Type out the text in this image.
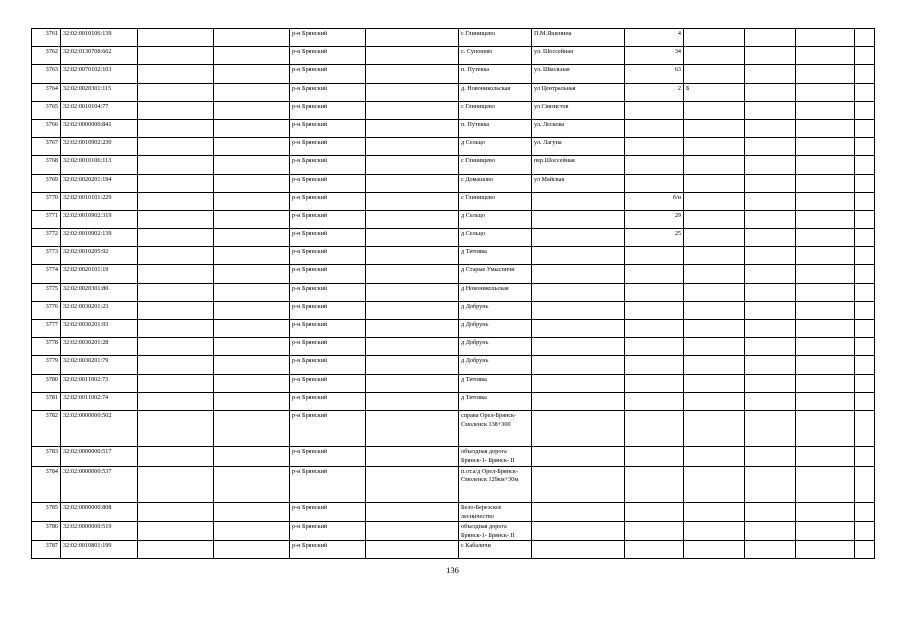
3761	32:02:0010106:139			р-н Брянский		с Глинищево	П.М.Яшенина	4				
3762	32:02:0130708:662			р-н Брянский		с. Супонево	ул. Шоссейная	34				
3763	32:02:0070102:103			р-н Брянский		п. Путевка	ул. Школьная	63				
3764	32:02:0020301:115			р-н Брянский		д. Новоникольская	ул Центральная	2	Б			
3765	32:02:0010104:77			р-н Брянский		с Глинищево	ул Связистов					
3766	32:02:0000000:841			р-н Брянский		п. Путевка	ул. Лескова					
3767	32:02:0010902:230			р-н Брянский		д Сельцо	ул. Лагуна					
3768	32:02:0010106:113			р-н Брянский		с Глинищево	пер.Шоссейная					
3769	32:02:0020201:194			р-н Брянский		с Домашово	ул Майская					
3770	32:02:0010101:229			р-н Брянский		с Глинищево		б/н				
3771	32:02:0010902:319			р-н Брянский		д Сельцо		29				
3772	32:02:0010902:139			р-н Брянский		д Сельцо		25				
3773	32:02:0010205:92			р-н Брянский		д Титовка						
3774	32:02:0020101:19			р-н Брянский		д Старые Умыспичи						
3775	32:02:0020301:80			р-н Брянский		д Новоникольская						
3776	32:02:0030201:23			р-н Брянский		д Добрунь						
3777	32:02:0030201:93			р-н Брянский		д Добрунь						
3778	32:02:0030201:28			р-н Брянский		д Добрунь						
3779	32:02:0030201:79			р-н Брянский		д Добрунь						
3780	32:02:0011002:73			р-н Брянский		д Титовка						
3781	32:02:0011002:74			р-н Брянский		д Титовка						
3782	32:02:0000000:502			р-н Брянский		справа Орел-Брянск-Смоленск 138+300						
3783	32:02:0000000:517			р-н Брянский		объездная дорога Брянск-1- Брянск- II						
3784	32:02:0000000:537			р-н Брянский		п.от.а/д Орел-Брянск-Смоленск 129км+30м						
3785	32:02:0000000:808			р-н Брянский		Бело-Березское лесничество						
3786	32:02:0000000:519			р-н Брянский		объездная дорога Брянск-1- Брянск- II						
3787	32:02:0010801:199			р-н Брянский		с Кабаличи						
136
